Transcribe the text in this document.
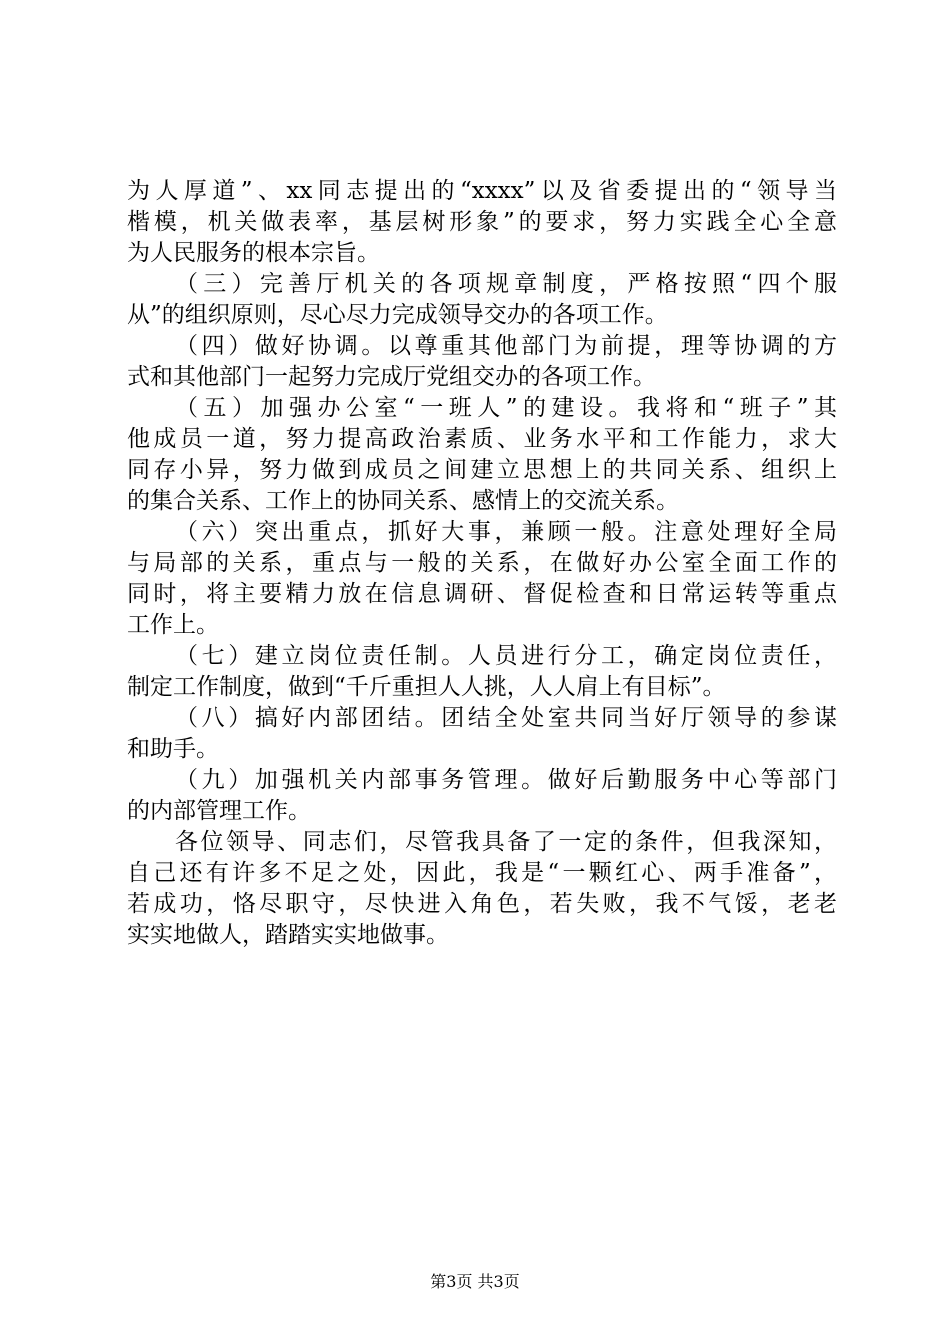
为人厚道”、xx同志提出的“xxxx”以及省委提出的“领导当
楷模，机关做表率，基层树形象”的要求，努力实践全心全意
为人民服务的根本宗旨。
（三）完善厅机关的各项规章制度，严格按照“四个服
从”的组织原则，尽心尽力完成领导交办的各项工作。
（四）做好协调。以尊重其他部门为前提，理等协调的方
式和其他部门一起努力完成厅党组交办的各项工作。
（五）加强办公室“一班人”的建设。我将和“班子”其
他成员一道，努力提高政治素质、业务水平和工作能力，求大
同存小异，努力做到成员之间建立思想上的共同关系、组织上
的集合关系、工作上的协同关系、感情上的交流关系。
（六）突出重点，抓好大事，兼顾一般。注意处理好全局
与局部的关系，重点与一般的关系，在做好办公室全面工作的
同时，将主要精力放在信息调研、督促检查和日常运转等重点
工作上。
（七）建立岗位责任制。人员进行分工，确定岗位责任，
制定工作制度，做到“千斤重担人人挑，人人肩上有目标”。
（八）搞好内部团结。团结全处室共同当好厅领导的参谋
和助手。
（九）加强机关内部事务管理。做好后勤服务中心等部门
的内部管理工作。
各位领导、同志们，尽管我具备了一定的条件，但我深知，
自己还有许多不足之处，因此，我是“一颗红心、两手准备”，
若成功，恪尽职守，尽快进入角色，若失败，我不气馁，老老
实实地做人，踏踏实实地做事。
第3页 共3页
